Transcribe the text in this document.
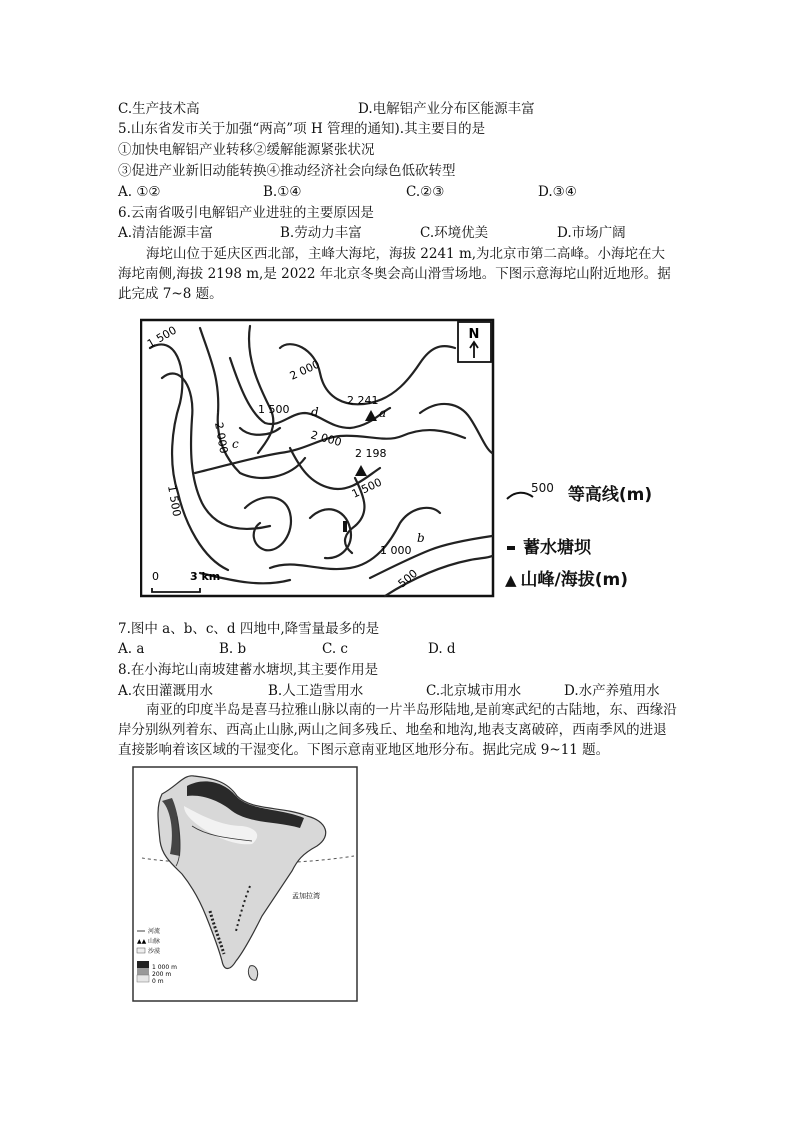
C.生产技术高	D.电解铝产业分布区能源丰富
5.山东省发市关于加强“两高”项 H 管理的通知).其主要目的是
①加快电解铝产业转移②缓解能源紧张状况
③促进产业新旧动能转换④推动经济社会向绿色低砍转型
A. ①②	B.①④	C.②③	D.③④
6.云南省吸引电解铝产业进驻的主要原因是
A.清洁能源丰富	B.劳动力丰富	C.环境优美	D.市场广阔
海坨山位于延庆区西北部，主峰大海坨，海拔 2241 m,为北京市第二高峰。小海坨在大海坨南侧,海拔 2198 m,是 2022 年北京冬奥会高山滑雪场地。下图示意海坨山附近地形。据此完成 7~8 题。
N
2 241
2 198
2 000
2 000	2 000
1 500
1 500
1 500	1 500
1 000
500
a
b
c
d
0	3 km
$^{500}$ 等高线(m)
蓄水塘坝
▲ 山峰/海拔(m)
7.图中 a、b、c、d 四地中,降雪量最多的是
A. a	B. b	C. c	D. d
8.在小海坨山南坡建蓄水塘坝,其主要作用是
A.农田灌溉用水	B.人工造雪用水	C.北京城市用水	D.水产养殖用水
南亚的印度半岛是喜马拉雅山脉以南的一片半岛形陆地,是前寒武纪的古陆地，东、西缘沿岸分别纵列着东、西高止山脉,两山之间多残丘、地垒和地沟,地表支离破碎，西南季风的进退直接影响着该区域的干湿变化。下图示意南亚地区地形分布。据此完成 9~11 题。
孟加拉湾
河流
▲▲ 山脉
沙漠
1 000 m
200 m
0 m
